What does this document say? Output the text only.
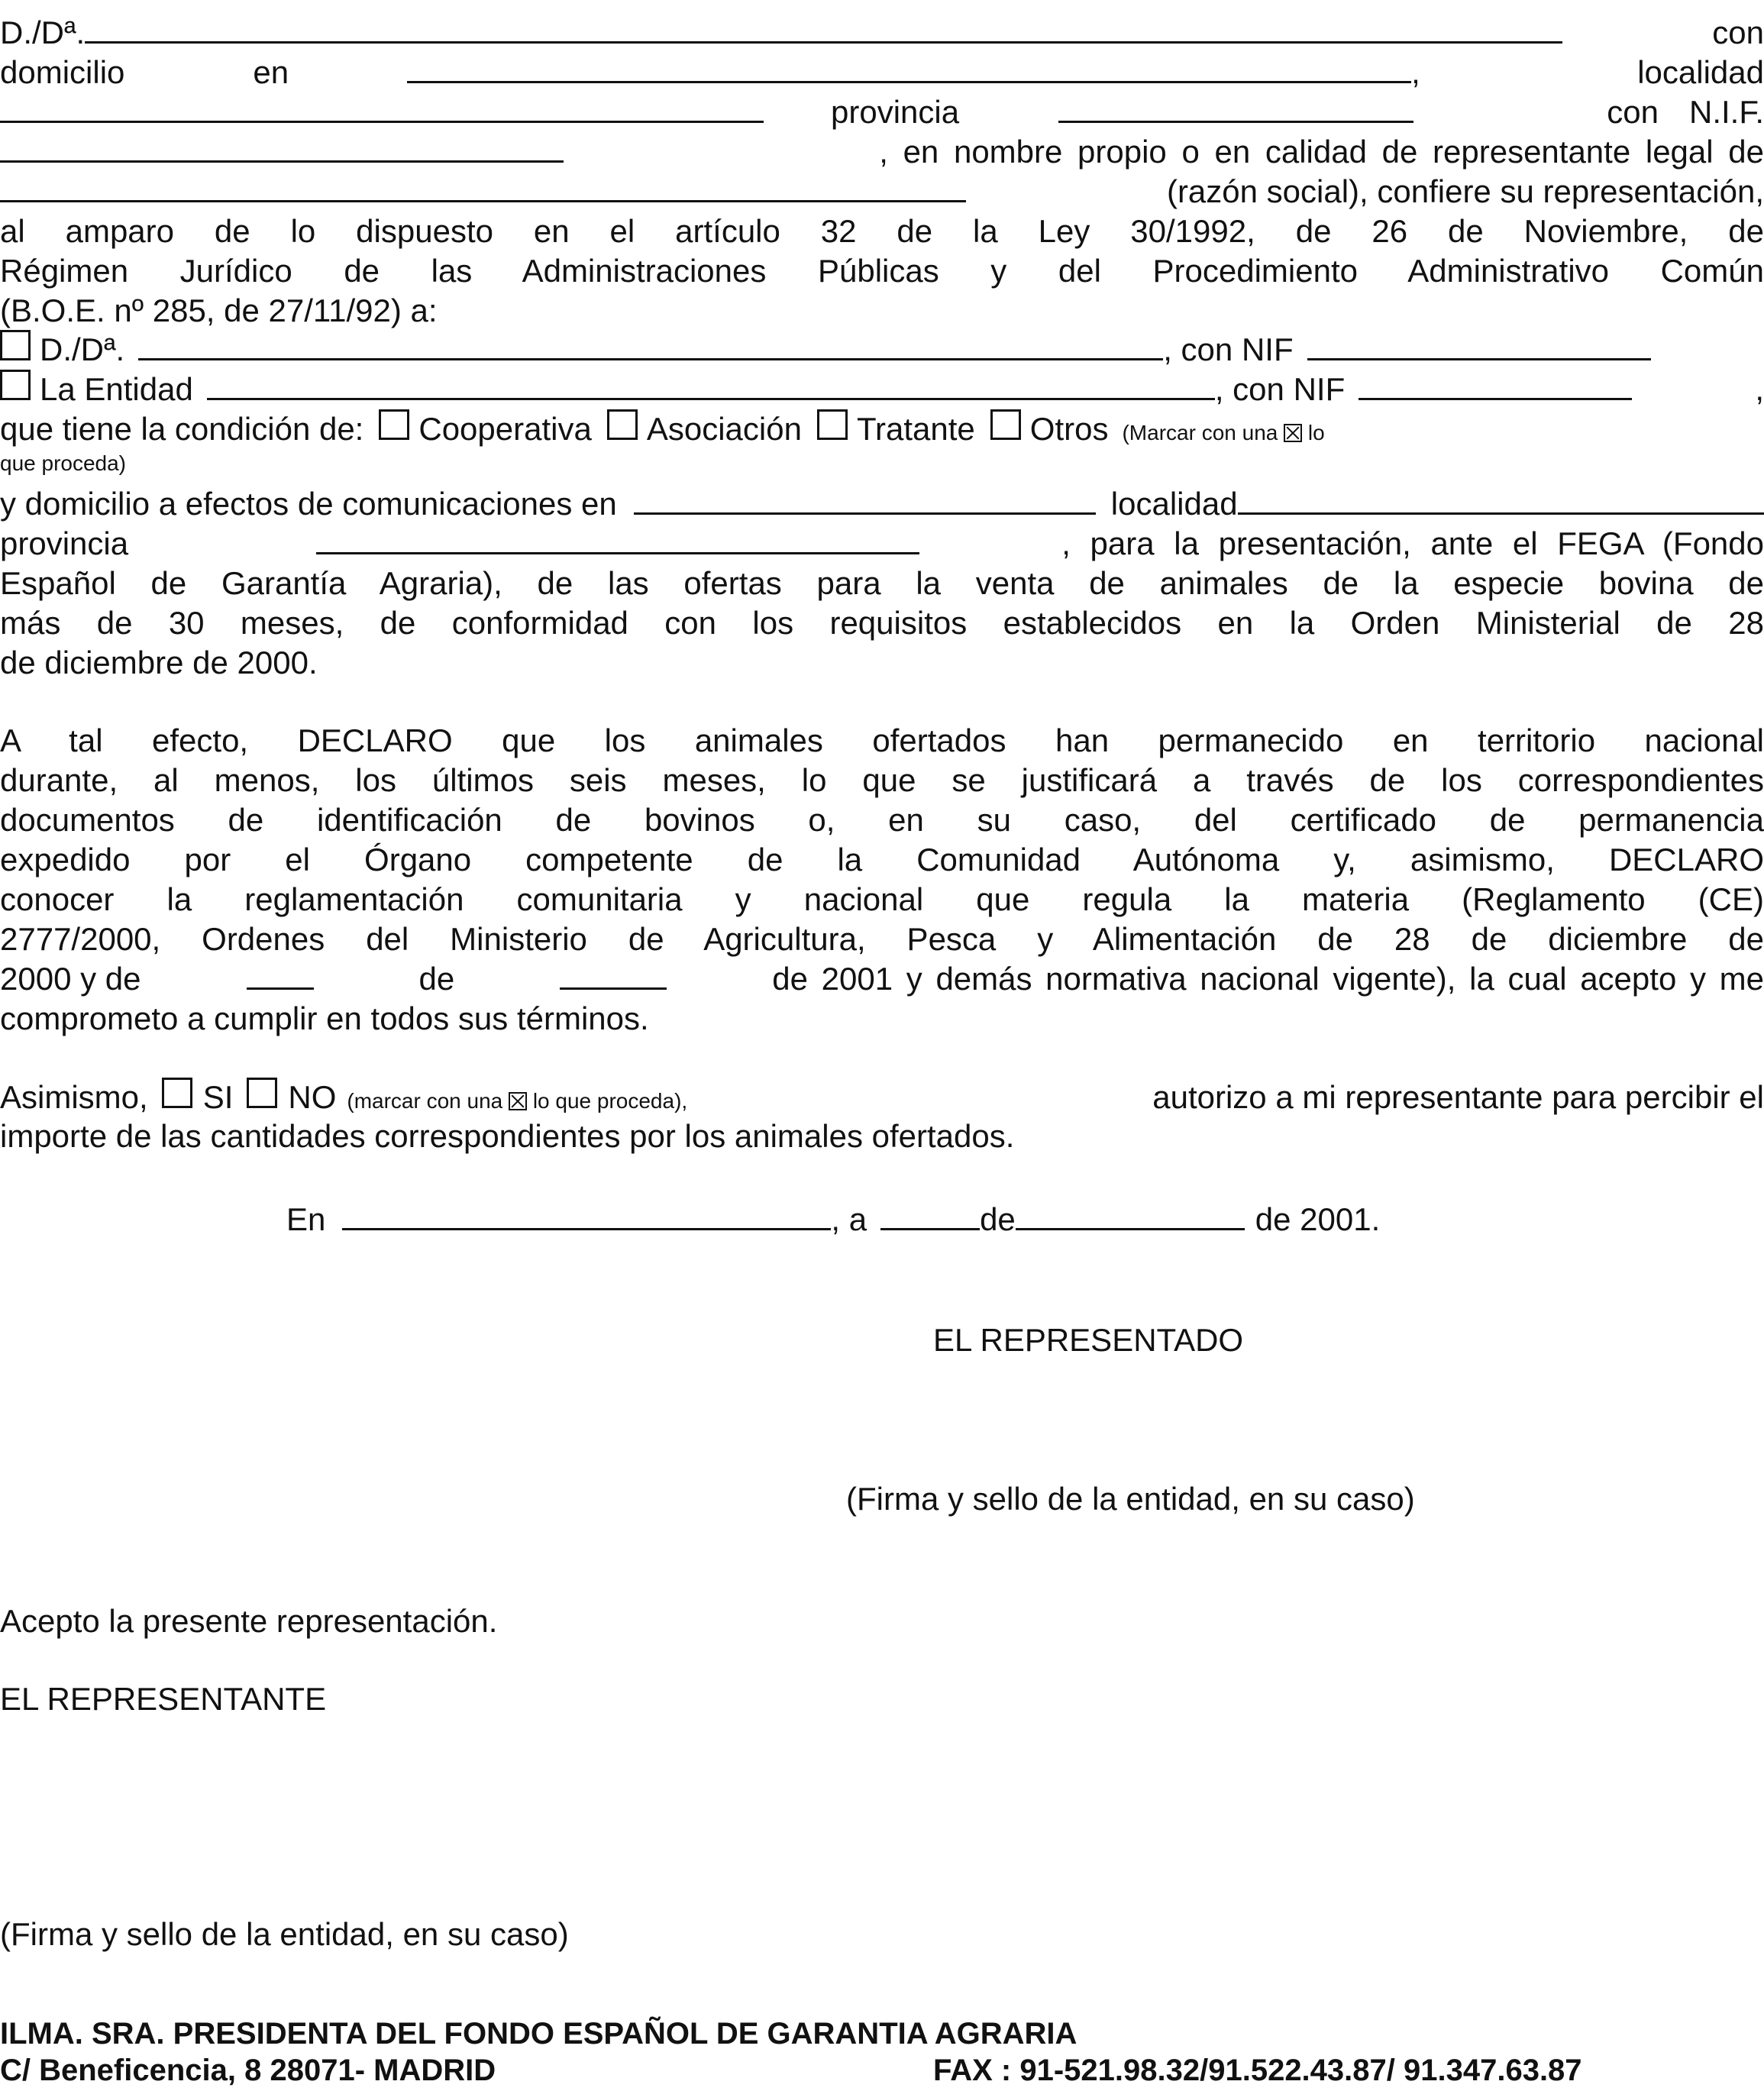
D./Dª.	con
domicilio	en	,	localidad
provincia	con N.I.F.
, en nombre propio o en calidad de representante legal de
(razón social), confiere su representación,
al amparo de lo dispuesto en el artículo 32 de la Ley 30/1992, de 26 de Noviembre, de
Régimen Jurídico de las Administraciones Públicas y del Procedimiento Administrativo Común
(B.O.E. nº 285, de 27/11/92) a:
D./Dª.	, con NIF
La Entidad	, con NIF	,
que tiene la condición de: Cooperativa Asociación Tratante Otros (Marcar con una lo
que proceda)
y domicilio a efectos de comunicaciones en	localidad
provincia	, para la presentación, ante el FEGA (Fondo
Español de Garantía Agraria), de las ofertas para la venta de animales de la especie bovina de
más de 30 meses, de conformidad con los requisitos establecidos en la Orden Ministerial de 28
de diciembre de 2000.
A tal efecto, DECLARO que los animales ofertados han permanecido en territorio nacional
durante, al menos, los últimos seis meses, lo que se justificará a través de los correspondientes
documentos de identificación de bovinos o, en su caso, del certificado de permanencia
expedido por el Órgano competente de la Comunidad Autónoma y, asimismo, DECLARO
conocer la reglamentación comunitaria y nacional que regula la materia (Reglamento (CE)
2777/2000, Ordenes del Ministerio de Agricultura, Pesca y Alimentación de 28 de diciembre de
2000 y de	de	de 2001 y demás normativa nacional vigente), la cual acepto y me
comprometo a cumplir en todos sus términos.
Asimismo, SI NO (marcar con una lo que proceda),	autorizo a mi representante para percibir el
importe de las cantidades correspondientes por los animales ofertados.
En	, a	de	de 2001.
EL REPRESENTADO
(Firma y sello de la entidad, en su caso)
Acepto la presente representación.
EL REPRESENTANTE
(Firma y sello de la entidad, en su caso)
ILMA. SRA. PRESIDENTA DEL FONDO ESPAÑOL DE GARANTIA AGRARIA
C/ Beneficencia, 8 28071- MADRID	FAX : 91-521.98.32/91.522.43.87/ 91.347.63.87
